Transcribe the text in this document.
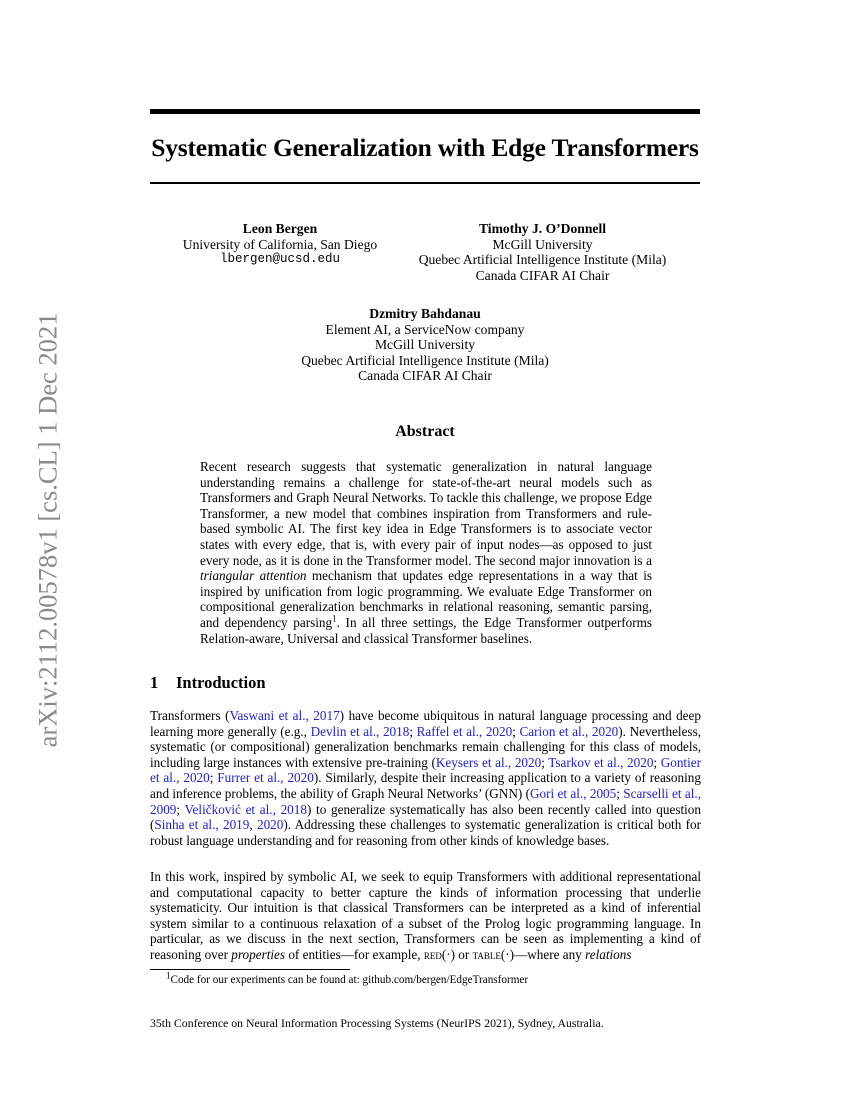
arXiv:2112.00578v1 [cs.CL] 1 Dec 2021
Systematic Generalization with Edge Transformers
Leon Bergen
University of California, San Diego
lbergen@ucsd.edu
Timothy J. O’Donnell
McGill University
Quebec Artificial Intelligence Institute (Mila)
Canada CIFAR AI Chair
Dzmitry Bahdanau
Element AI, a ServiceNow company
McGill University
Quebec Artificial Intelligence Institute (Mila)
Canada CIFAR AI Chair
Abstract
Recent research suggests that systematic generalization in natural language understanding remains a challenge for state-of-the-art neural models such as Transformers and Graph Neural Networks. To tackle this challenge, we propose Edge Transformer, a new model that combines inspiration from Transformers and rule-based symbolic AI. The first key idea in Edge Transformers is to associate vector states with every edge, that is, with every pair of input nodes—as opposed to just every node, as it is done in the Transformer model. The second major innovation is a triangular attention mechanism that updates edge representations in a way that is inspired by unification from logic programming. We evaluate Edge Transformer on compositional generalization benchmarks in relational reasoning, semantic parsing, and dependency parsing$^1$. In all three settings, the Edge Transformer outperforms Relation-aware, Universal and classical Transformer baselines.
1 Introduction
Transformers (Vaswani et al., 2017) have become ubiquitous in natural language processing and deep learning more generally (e.g., Devlin et al., 2018; Raffel et al., 2020; Carion et al., 2020). Nevertheless, systematic (or compositional) generalization benchmarks remain challenging for this class of models, including large instances with extensive pre-training (Keysers et al., 2020; Tsarkov et al., 2020; Gontier et al., 2020; Furrer et al., 2020). Similarly, despite their increasing application to a variety of reasoning and inference problems, the ability of Graph Neural Networks’ (GNN) (Gori et al., 2005; Scarselli et al., 2009; Veličković et al., 2018) to generalize systematically has also been recently called into question (Sinha et al., 2019, 2020). Addressing these challenges to systematic generalization is critical both for robust language understanding and for reasoning from other kinds of knowledge bases.
In this work, inspired by symbolic AI, we seek to equip Transformers with additional representational and computational capacity to better capture the kinds of information processing that underlie systematicity. Our intuition is that classical Transformers can be interpreted as a kind of inferential system similar to a continuous relaxation of a subset of the Prolog logic programming language. In particular, as we discuss in the next section, Transformers can be seen as implementing a kind of reasoning over properties of entities—for example, red(·) or table(·)—where any relations
$^1$Code for our experiments can be found at: github.com/bergen/EdgeTransformer
35th Conference on Neural Information Processing Systems (NeurIPS 2021), Sydney, Australia.
